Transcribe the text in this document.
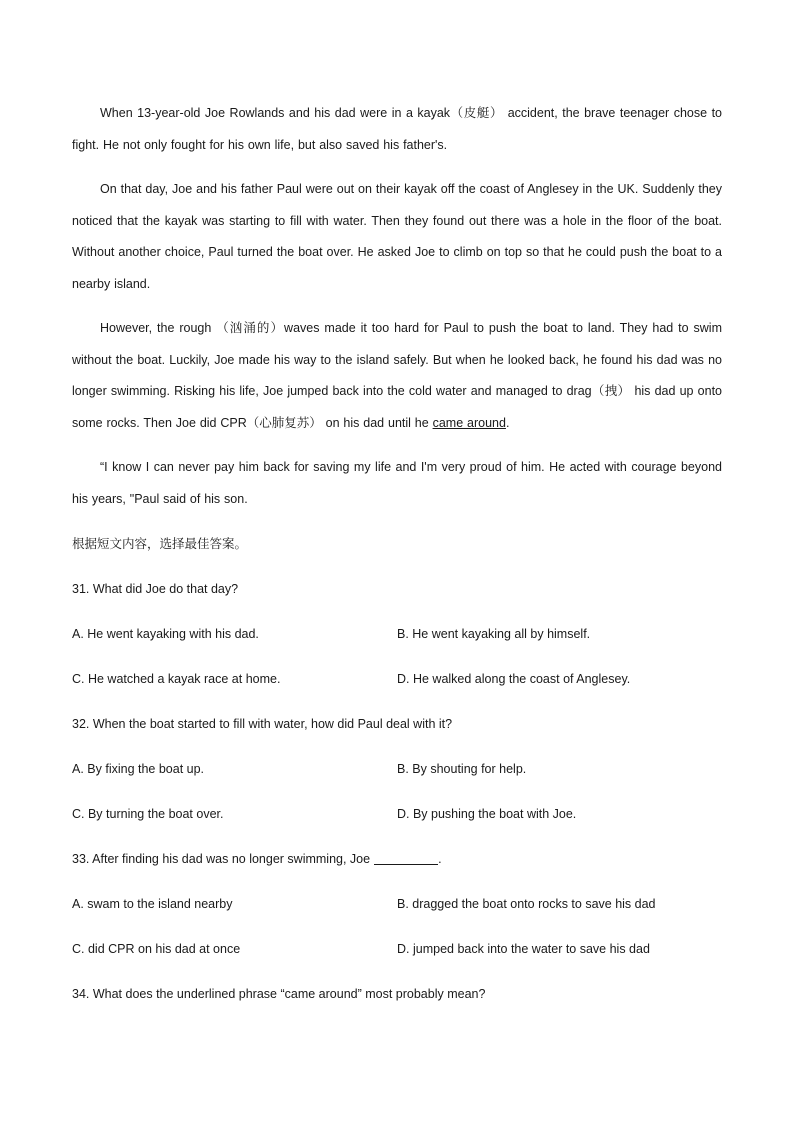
When 13-year-old Joe Rowlands and his dad were in a kayak（皮艇） accident, the brave teenager chose to fight. He not only fought for his own life, but also saved his father's.

On that day, Joe and his father Paul were out on their kayak off the coast of Anglesey in the UK. Suddenly they noticed that the kayak was starting to fill with water. Then they found out there was a hole in the floor of the boat. Without another choice, Paul turned the boat over. He asked Joe to climb on top so that he could push the boat to a nearby island.

However, the rough （汹涌的）waves made it too hard for Paul to push the boat to land. They had to swim without the boat. Luckily, Joe made his way to the island safely. But when he looked back, he found his dad was no longer swimming. Risking his life, Joe jumped back into the cold water and managed to drag（拽） his dad up onto some rocks. Then Joe did CPR（心肺复苏） on his dad until he came around.

“I know I can never pay him back for saving my life and I'm very proud of him. He acted with courage beyond his years, "Paul said of his son.

根据短文内容，选择最佳答案。
31. What did Joe do that day?
A. He went kayaking with his dad.	B. He went kayaking all by himself.
C. He watched a kayak race at home.	D. He walked along the coast of Anglesey.
32. When the boat started to fill with water, how did Paul deal with it?
A. By fixing the boat up.	B. By shouting for help.
C. By turning the boat over.	D. By pushing the boat with Joe.
33. After finding his dad was no longer swimming, Joe	.
A. swam to the island nearby	B. dragged the boat onto rocks to save his dad
C. did CPR on his dad at once	D. jumped back into the water to save his dad
34. What does the underlined phrase “came around” most probably mean?
